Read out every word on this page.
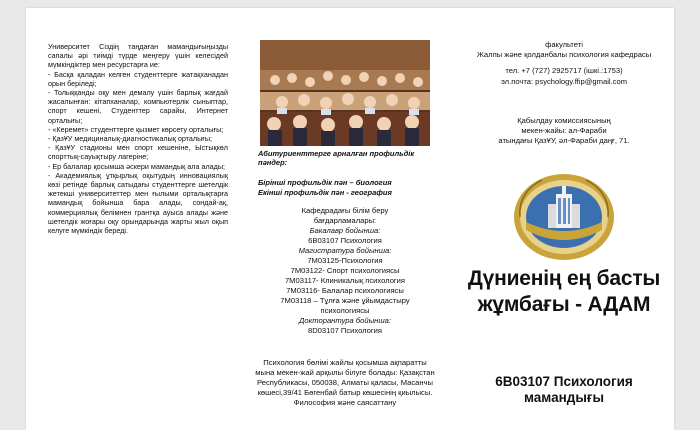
Университет Сіздің таңдаған мамандығыңызды сапалы әрі тиімді түрде меңгеру үшін келесідей мүмкіндіктер мен ресурстарға ие:

- Басқа қаладан келген студенттерге жатақханадан орын беріледі;

- Толыққанды оқу мен демалу үшін барлық жағдай жасалынған: кітапханалар, компьютерлік сыныптар, спорт кешені, Студенттер сарайы, Интернет орталығы;

- «Керемет» студенттерге қызмет көрсету орталығы;

- ҚазҰУ медициналық-диагностикалық орталығы;

- ҚазҰУ стадионы мен спорт кешеніне, Ыстықкөл спорттық-сауықтыру лагеріне;

- Ер балалар қосымша әскери мамандық ала алады;

- Академиялық ұтқырлық оқытудың инновациялық көзі ретінде барлық сатыдағы студенттерге шетелдік жетекші университеттер мен ғылыми орталықтарға мамандық бойынша бара алады, сондай-ақ, коммерциялық белімнен грантқа ауыса алады және шетелдік жоғары оқу орындарында жарты жыл оқып келуге мүмкіндік береді.

Абитуриенттерге арналған профильдік пәндер:
Бірінші профильдік пән – биология
Екінші профильдік пән - география
Кафедрадағы білім беру бағдарламалары:
Бакалавр бойынша:
6В03107 Психология
Магистратура бойынша:
7М03125-Психология
7М03122- Спорт психологиясы
7М03117- Клиникалық психология
7М03116- Балалар психологиясы
7М03118 – Тұлға және ұйымдастыру психологиясы
Докторантура бойынша:
8D03107 Психология
Психология бөлімі жайлы қосымша ақпаратты мына мекен-жай арқылы білуге болады: Қазақстан Республикасы, 050038, Алматы қаласы, Масанчы көшесі,39/41 Бөгенбай батыр көшесінің қиылысы. Философия және саясаттану
факультеті
Жалпы және қолданбалы психология кафедрасы
тел. +7 (727) 2925717 (ішкі.:1753)
эл.почта: psychology.ffip@gmail.com
Қабылдау комиссиясының
мекен-жайы: ал-Фараби
атындағы ҚазҰУ, әл-Фараби даңғ, 71.
Дүниенің ең басты жұмбағы - АДАМ
6В03107 Психология мамандығы
